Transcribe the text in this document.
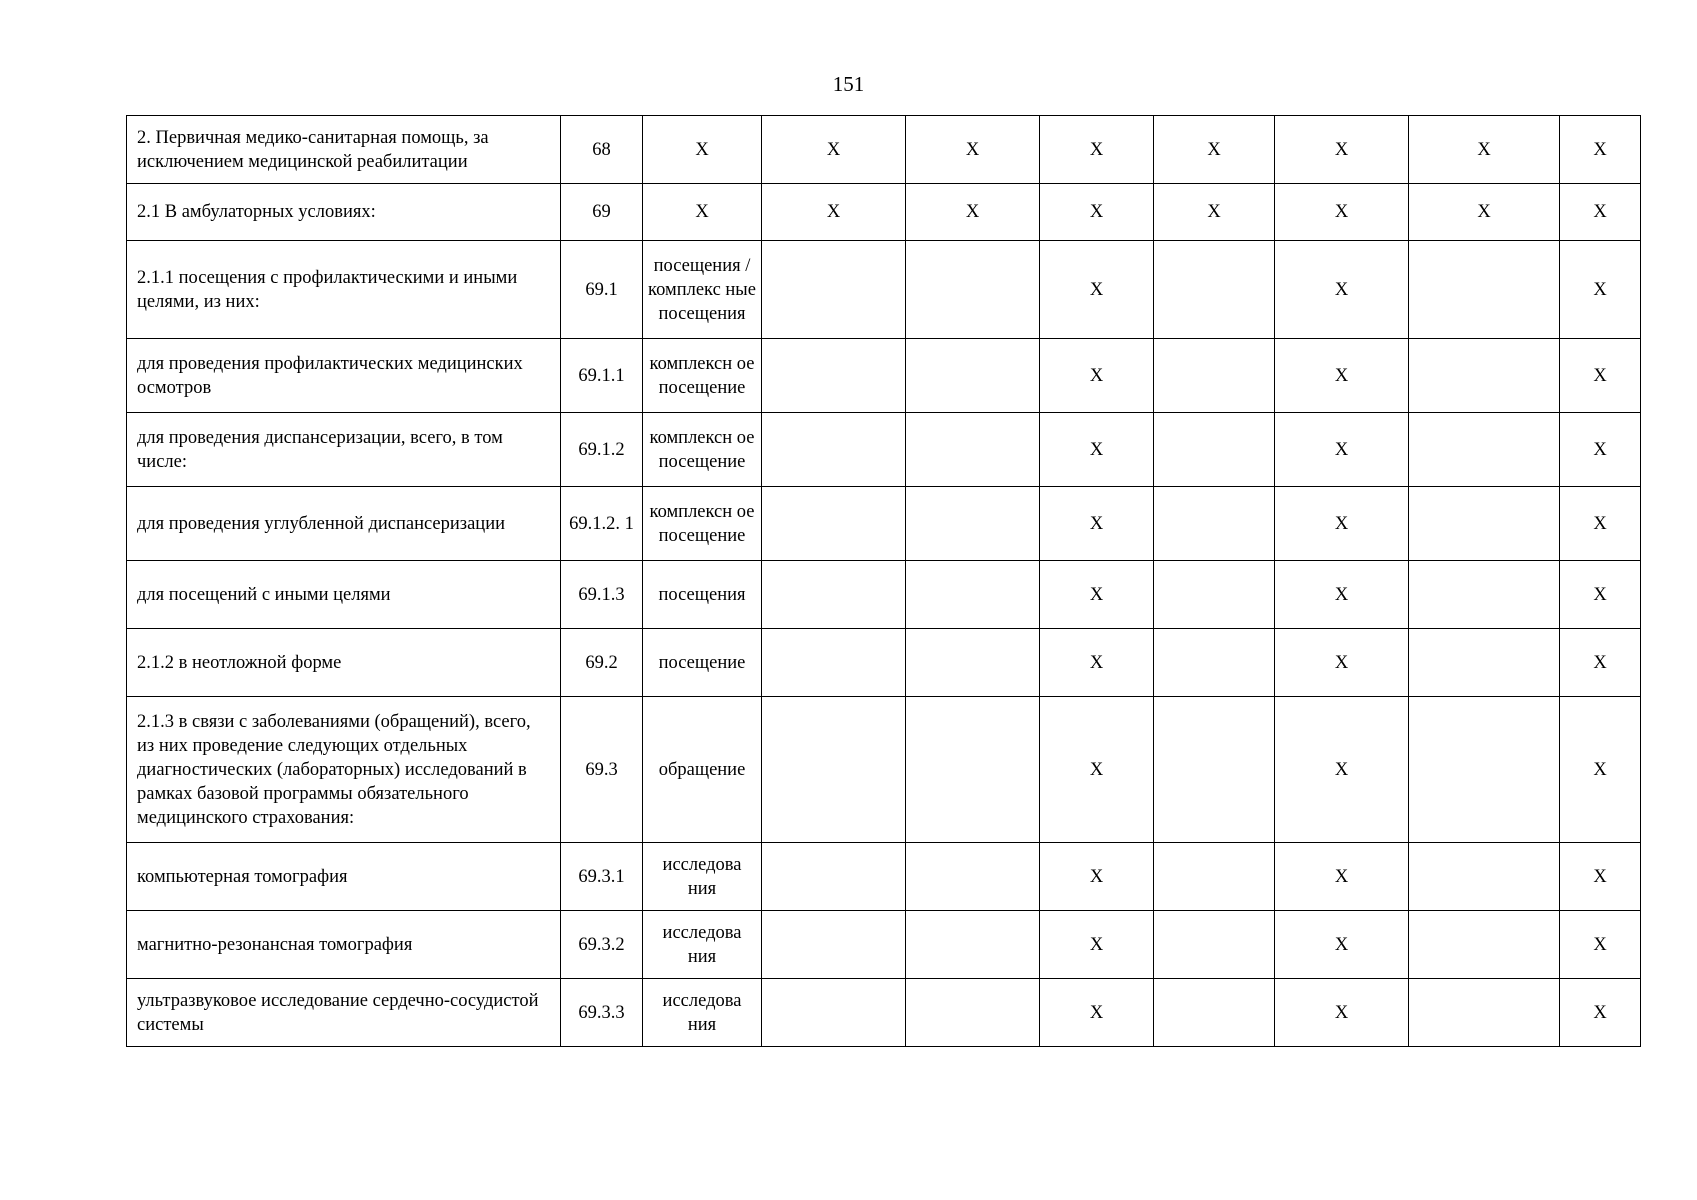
151
2. Первичная медико-санитарная помощь, за исключением медицинской реабилитации	68	X	X	X	X	X	X	X	X
2.1 В амбулаторных условиях:	69	X	X	X	X	X	X	X	X
2.1.1 посещения с профилактическими и иными целями, из них:	69.1	посещения /комплекс ные посещения			X		X		X
для проведения профилактических медицинских осмотров	69.1.1	комплексн ое посещение			X		X		X
для проведения диспансеризации, всего, в том числе:	69.1.2	комплексн ое посещение			X		X		X
для проведения углубленной диспансеризации	69.1.2. 1	комплексн ое посещение			X		X		X
для посещений с иными целями	69.1.3	посещения			X		X		X
2.1.2 в неотложной форме	69.2	посещение			X		X		X
2.1.3 в связи с заболеваниями (обращений), всего, из них проведение следующих отдельных диагностических (лабораторных) исследований в рамках базовой программы обязательного медицинского страхования:	69.3	обращение			X		X		X
компьютерная томография	69.3.1	исследова ния			X		X		X
магнитно-резонансная томография	69.3.2	исследова ния			X		X		X
ультразвуковое исследование сердечно-сосудистой системы	69.3.3	исследова ния			X		X		X
